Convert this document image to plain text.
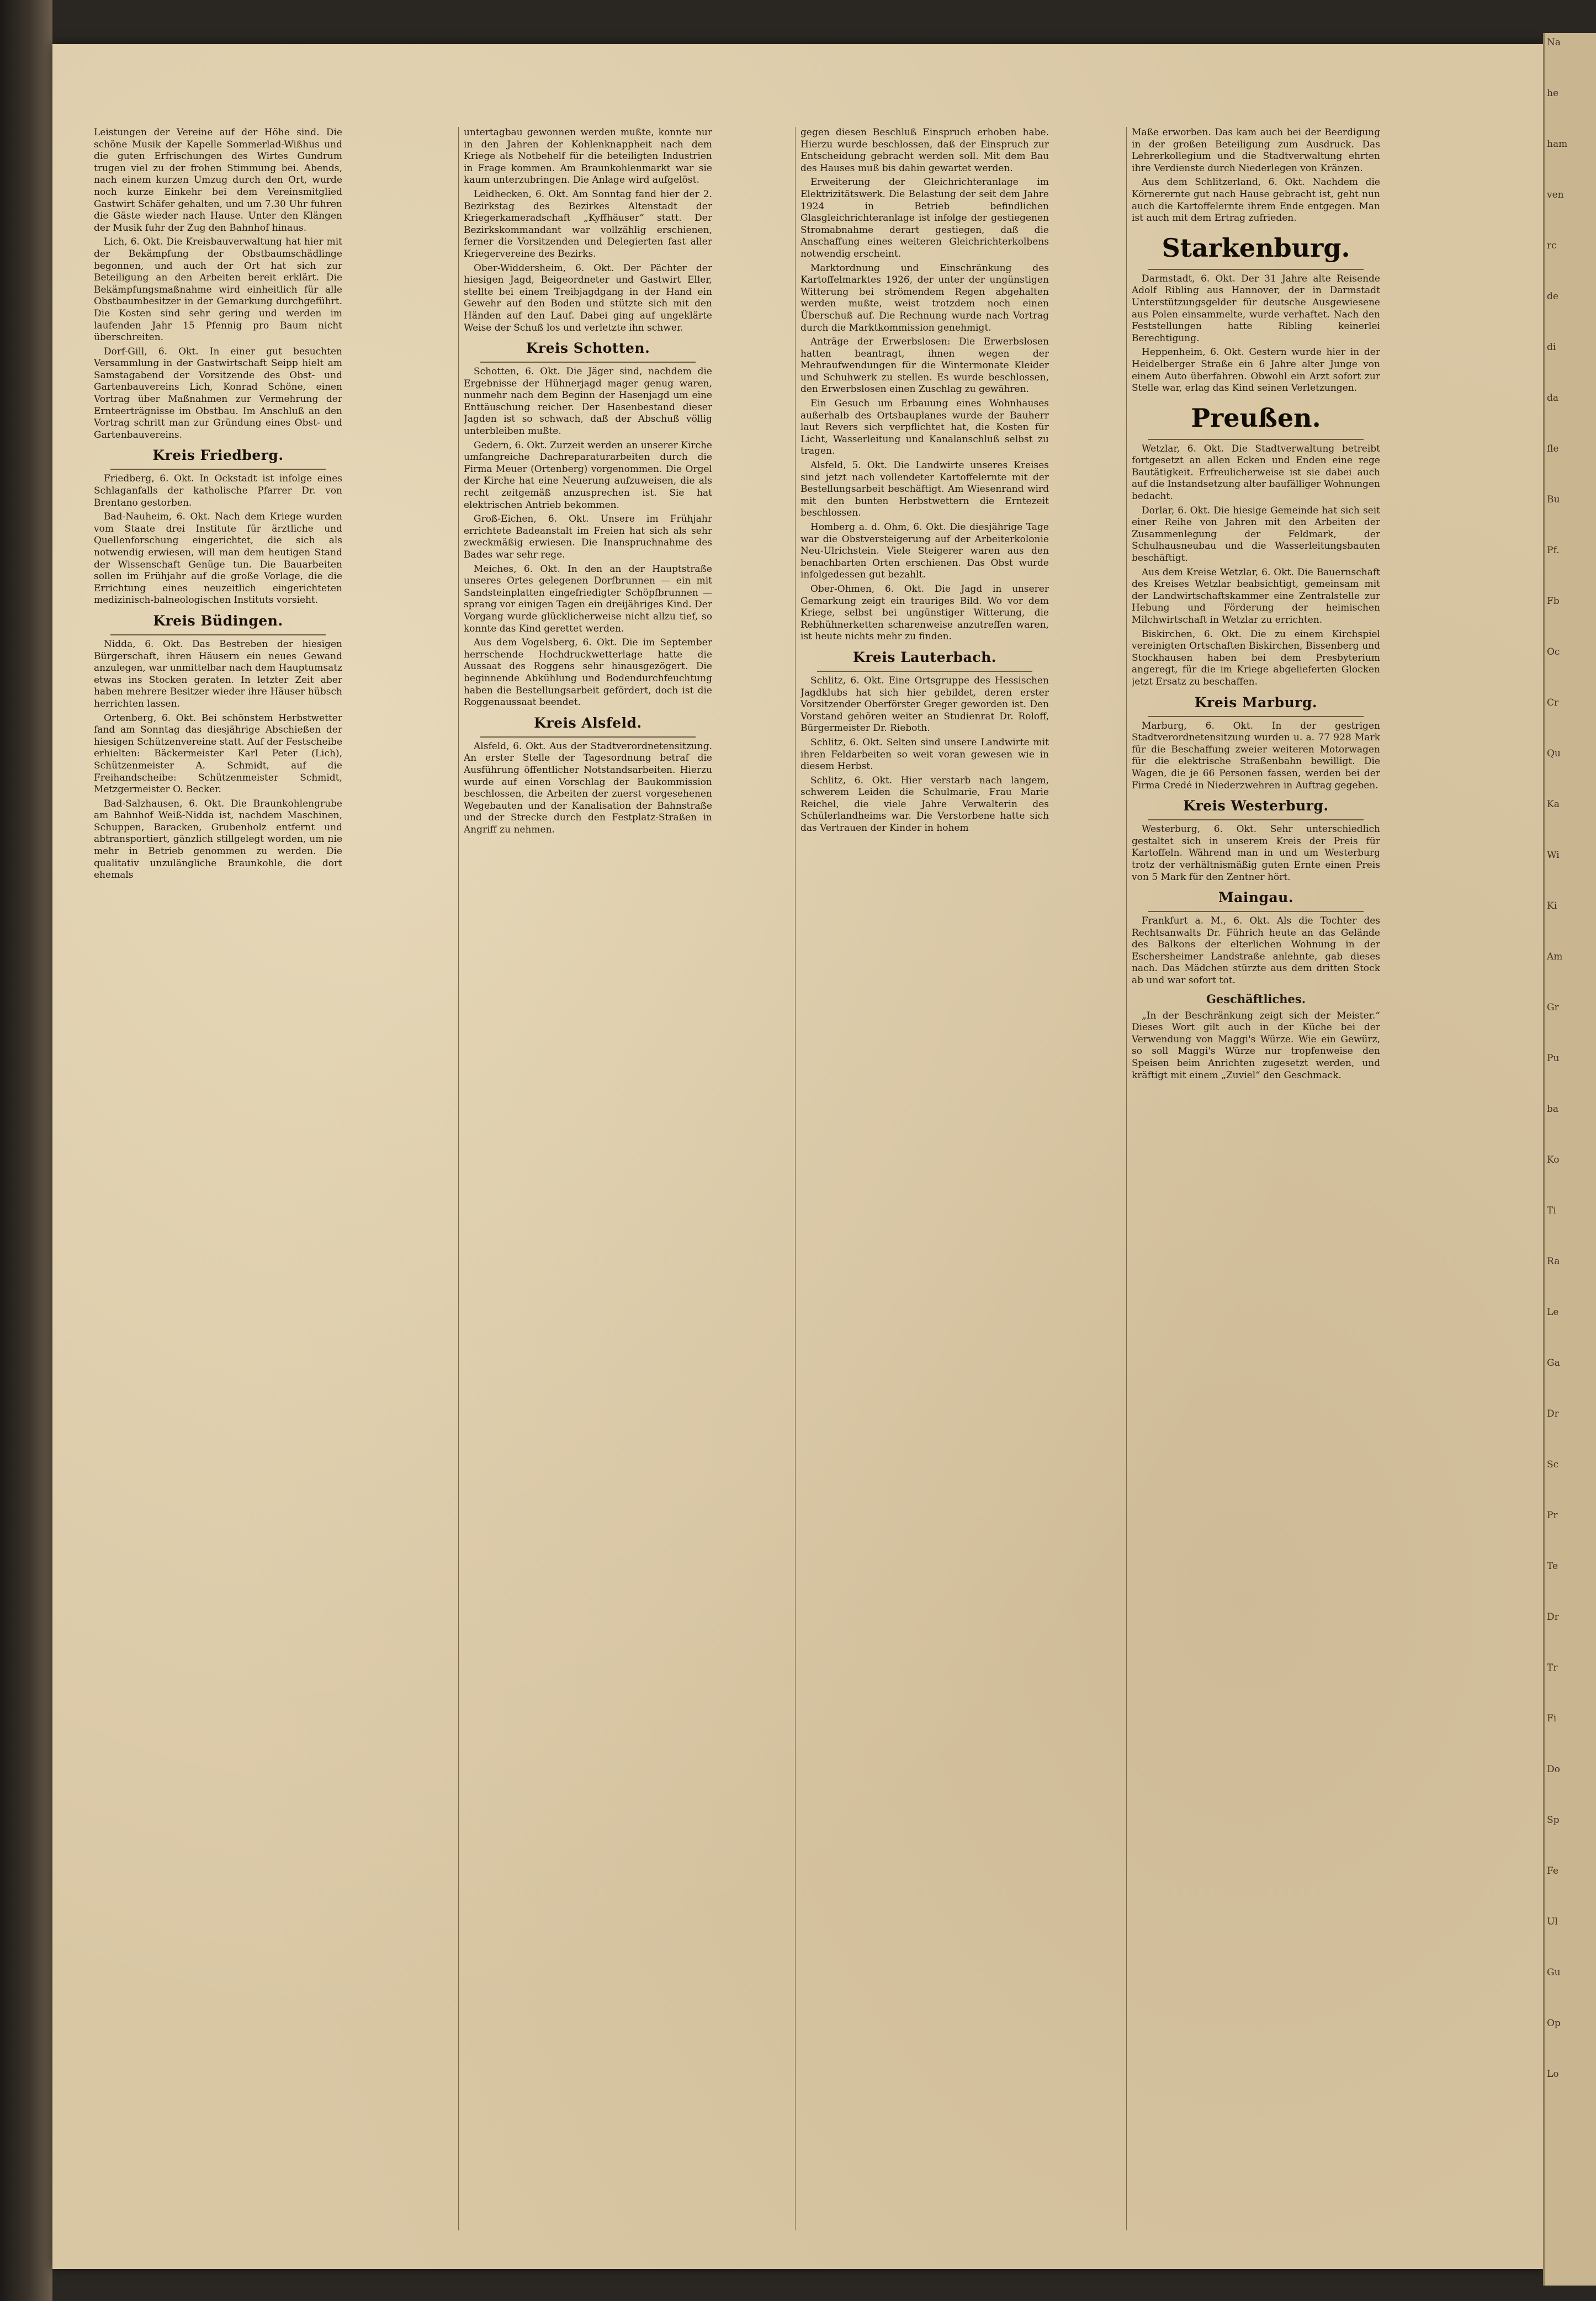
Leistungen der Vereine auf der Höhe sind. Die schöne Musik der Kapelle Sommerlad-Wißhus und die guten Erfrischungen des Wirtes Gundrum trugen viel zu der frohen Stimmung bei. Abends, nach einem kurzen Umzug durch den Ort, wurde noch kurze Einkehr bei dem Vereinsmitglied Gastwirt Schäfer gehalten, und um 7.30 Uhr fuhren die Gäste wieder nach Hause. Unter den Klängen der Musik fuhr der Zug den Bahnhof hinaus.

Lich, 6. Okt. Die Kreisbauverwaltung hat hier mit der Bekämpfung der Obstbaumschädlinge begonnen, und auch der Ort hat sich zur Beteiligung an den Arbeiten bereit erklärt. Die Bekämpfungsmaßnahme wird einheitlich für alle Obstbaumbesitzer in der Gemarkung durchgeführt. Die Kosten sind sehr gering und werden im laufenden Jahr 15 Pfennig pro Baum nicht überschreiten.

Dorf-Gill, 6. Okt. In einer gut besuchten Versammlung in der Gastwirtschaft Seipp hielt am Samstagabend der Vorsitzende des Obst- und Gartenbauvereins Lich, Konrad Schöne, einen Vortrag über Maßnahmen zur Vermehrung der Ernteerträgnisse im Obstbau. Im Anschluß an den Vortrag schritt man zur Gründung eines Obst- und Gartenbauvereins.

Kreis Friedberg.

Friedberg, 6. Okt. In Ockstadt ist infolge eines Schlaganfalls der katholische Pfarrer Dr. von Brentano gestorben.

Bad-Nauheim, 6. Okt. Nach dem Kriege wurden vom Staate drei Institute für ärztliche und Quellenforschung eingerichtet, die sich als notwendig erwiesen, will man dem heutigen Stand der Wissenschaft Genüge tun. Die Bauarbeiten sollen im Frühjahr auf die große Vorlage, die die Errichtung eines neuzeitlich eingerichteten medizinisch-balneologischen Instituts vorsieht.

Kreis Büdingen.

Nidda, 6. Okt. Das Bestreben der hiesigen Bürgerschaft, ihren Häusern ein neues Gewand anzulegen, war unmittelbar nach dem Hauptumsatz etwas ins Stocken geraten. In letzter Zeit aber haben mehrere Besitzer wieder ihre Häuser hübsch herrichten lassen.

Ortenberg, 6. Okt. Bei schönstem Herbstwetter fand am Sonntag das diesjährige Abschießen der hiesigen Schützenvereine statt. Auf der Festscheibe erhielten: Bäckermeister Karl Peter (Lich), Schützenmeister A. Schmidt, auf die Freihandscheibe: Schützenmeister Schmidt, Metzgermeister O. Becker.

Bad-Salzhausen, 6. Okt. Die Braunkohlengrube am Bahnhof Weiß-Nidda ist, nachdem Maschinen, Schuppen, Baracken, Grubenholz entfernt und abtransportiert, gänzlich stillgelegt worden, um nie mehr in Betrieb genommen zu werden. Die qualitativ unzulängliche Braunkohle, die dort ehemals

untertagbau gewonnen werden mußte, konnte nur in den Jahren der Kohlenknappheit nach dem Kriege als Notbehelf für die beteiligten Industrien in Frage kommen. Am Braunkohlenmarkt war sie kaum unterzubringen. Die Anlage wird aufgelöst.

Leidhecken, 6. Okt. Am Sonntag fand hier der 2. Bezirkstag des Bezirkes Altenstadt der Kriegerkameradschaft „Kyffhäuser“ statt. Der Bezirkskommandant war vollzählig erschienen, ferner die Vorsitzenden und Delegierten fast aller Kriegervereine des Bezirks.

Ober-Widdersheim, 6. Okt. Der Pächter der hiesigen Jagd, Beigeordneter und Gastwirt Eller, stellte bei einem Treibjagdgang in der Hand ein Gewehr auf den Boden und stützte sich mit den Händen auf den Lauf. Dabei ging auf ungeklärte Weise der Schuß los und verletzte ihn schwer.

Kreis Schotten.

Schotten, 6. Okt. Die Jäger sind, nachdem die Ergebnisse der Hühnerjagd mager genug waren, nunmehr nach dem Beginn der Hasenjagd um eine Enttäuschung reicher. Der Hasenbestand dieser Jagden ist so schwach, daß der Abschuß völlig unterbleiben mußte.

Gedern, 6. Okt. Zurzeit werden an unserer Kirche umfangreiche Dachreparaturarbeiten durch die Firma Meuer (Ortenberg) vorgenommen. Die Orgel der Kirche hat eine Neuerung aufzuweisen, die als recht zeitgemäß anzusprechen ist. Sie hat elektrischen Antrieb bekommen.

Groß-Eichen, 6. Okt. Unsere im Frühjahr errichtete Badeanstalt im Freien hat sich als sehr zweckmäßig erwiesen. Die Inanspruchnahme des Bades war sehr rege.

Meiches, 6. Okt. In den an der Hauptstraße unseres Ortes gelegenen Dorfbrunnen — ein mit Sandsteinplatten eingefriedigter Schöpfbrunnen — sprang vor einigen Tagen ein dreijähriges Kind. Der Vorgang wurde glücklicherweise nicht allzu tief, so konnte das Kind gerettet werden.

Aus dem Vogelsberg, 6. Okt. Die im September herrschende Hochdruckwetterlage hatte die Aussaat des Roggens sehr hinausgezögert. Die beginnende Abkühlung und Bodendurchfeuchtung haben die Bestellungsarbeit gefördert, doch ist die Roggenaussaat beendet.

Kreis Alsfeld.

Alsfeld, 6. Okt. Aus der Stadtverordnetensitzung. An erster Stelle der Tagesordnung betraf die Ausführung öffentlicher Notstandsarbeiten. Hierzu wurde auf einen Vorschlag der Baukommission beschlossen, die Arbeiten der zuerst vorgesehenen Wegebauten und der Kanalisation der Bahnstraße und der Strecke durch den Festplatz-Straßen in Angriff zu nehmen.

gegen diesen Beschluß Einspruch erhoben habe. Hierzu wurde beschlossen, daß der Einspruch zur Entscheidung gebracht werden soll. Mit dem Bau des Hauses muß bis dahin gewartet werden.

Erweiterung der Gleichrichteranlage im Elektrizitätswerk. Die Belastung der seit dem Jahre 1924 in Betrieb befindlichen Glasgleichrichteranlage ist infolge der gestiegenen Stromabnahme derart gestiegen, daß die Anschaffung eines weiteren Gleichrichterkolbens notwendig erscheint.

Marktordnung und Einschränkung des Kartoffelmarktes 1926, der unter der ungünstigen Witterung bei strömendem Regen abgehalten werden mußte, weist trotzdem noch einen Überschuß auf. Die Rechnung wurde nach Vortrag durch die Marktkommission genehmigt.

Anträge der Erwerbslosen: Die Erwerbslosen hatten beantragt, ihnen wegen der Mehraufwendungen für die Wintermonate Kleider und Schuhwerk zu stellen. Es wurde beschlossen, den Erwerbslosen einen Zuschlag zu gewähren.

Ein Gesuch um Erbauung eines Wohnhauses außerhalb des Ortsbauplanes wurde der Bauherr laut Revers sich verpflichtet hat, die Kosten für Licht, Wasserleitung und Kanalanschluß selbst zu tragen.

Alsfeld, 5. Okt. Die Landwirte unseres Kreises sind jetzt nach vollendeter Kartoffelernte mit der Bestellungsarbeit beschäftigt. Am Wiesenrand wird mit den bunten Herbstwettern die Erntezeit beschlossen.

Homberg a. d. Ohm, 6. Okt. Die diesjährige Tage war die Obstversteigerung auf der Arbeiterkolonie Neu-Ulrichstein. Viele Steigerer waren aus den benachbarten Orten erschienen. Das Obst wurde infolgedessen gut bezahlt.

Ober-Ohmen, 6. Okt. Die Jagd in unserer Gemarkung zeigt ein trauriges Bild. Wo vor dem Kriege, selbst bei ungünstiger Witterung, die Rebhühnerketten scharenweise anzutreffen waren, ist heute nichts mehr zu finden.

Kreis Lauterbach.

Schlitz, 6. Okt. Eine Ortsgruppe des Hessischen Jagdklubs hat sich hier gebildet, deren erster Vorsitzender Oberförster Greger geworden ist. Den Vorstand gehören weiter an Studienrat Dr. Roloff, Bürgermeister Dr. Rieboth.

Schlitz, 6. Okt. Selten sind unsere Landwirte mit ihren Feldarbeiten so weit voran gewesen wie in diesem Herbst.

Schlitz, 6. Okt. Hier verstarb nach langem, schwerem Leiden die Schulmarie, Frau Marie Reichel, die viele Jahre Verwalterin des Schülerlandheims war. Die Verstorbene hatte sich das Vertrauen der Kinder in hohem

Maße erworben. Das kam auch bei der Beerdigung in der großen Beteiligung zum Ausdruck. Das Lehrerkollegium und die Stadtverwaltung ehrten ihre Verdienste durch Niederlegen von Kränzen.

Aus dem Schlitzerland, 6. Okt. Nachdem die Körnerernte gut nach Hause gebracht ist, geht nun auch die Kartoffelernte ihrem Ende entgegen. Man ist auch mit dem Ertrag zufrieden.

Starkenburg.

Darmstadt, 6. Okt. Der 31 Jahre alte Reisende Adolf Ribling aus Hannover, der in Darmstadt Unterstützungsgelder für deutsche Ausgewiesene aus Polen einsammelte, wurde verhaftet. Nach den Feststellungen hatte Ribling keinerlei Berechtigung.

Heppenheim, 6. Okt. Gestern wurde hier in der Heidelberger Straße ein 6 Jahre alter Junge von einem Auto überfahren. Obwohl ein Arzt sofort zur Stelle war, erlag das Kind seinen Verletzungen.

Preußen.

Wetzlar, 6. Okt. Die Stadtverwaltung betreibt fortgesetzt an allen Ecken und Enden eine rege Bautätigkeit. Erfreulicherweise ist sie dabei auch auf die Instandsetzung alter baufälliger Wohnungen bedacht.

Dorlar, 6. Okt. Die hiesige Gemeinde hat sich seit einer Reihe von Jahren mit den Arbeiten der Zusammenlegung der Feldmark, der Schulhausneubau und die Wasserleitungsbauten beschäftigt.

Aus dem Kreise Wetzlar, 6. Okt. Die Bauernschaft des Kreises Wetzlar beabsichtigt, gemeinsam mit der Landwirtschaftskammer eine Zentralstelle zur Hebung und Förderung der heimischen Milchwirtschaft in Wetzlar zu errichten.

Biskirchen, 6. Okt. Die zu einem Kirchspiel vereinigten Ortschaften Biskirchen, Bissenberg und Stockhausen haben bei dem Presbyterium angeregt, für die im Kriege abgelieferten Glocken jetzt Ersatz zu beschaffen.

Kreis Marburg.

Marburg, 6. Okt. In der gestrigen Stadtverordnetensitzung wurden u. a. 77 928 Mark für die Beschaffung zweier weiteren Motorwagen für die elektrische Straßenbahn bewilligt. Die Wagen, die je 66 Personen fassen, werden bei der Firma Credé in Niederzwehren in Auftrag gegeben.

Kreis Westerburg.

Westerburg, 6. Okt. Sehr unterschiedlich gestaltet sich in unserem Kreis der Preis für Kartoffeln. Während man in und um Westerburg trotz der verhältnismäßig guten Ernte einen Preis von 5 Mark für den Zentner hört.

Maingau.

Frankfurt a. M., 6. Okt. Als die Tochter des Rechtsanwalts Dr. Führich heute an das Gelände des Balkons der elterlichen Wohnung in der Eschersheimer Landstraße anlehnte, gab dieses nach. Das Mädchen stürzte aus dem dritten Stock ab und war sofort tot.

Geschäftliches.

„In der Beschränkung zeigt sich der Meister.“ Dieses Wort gilt auch in der Küche bei der Verwendung von Maggi's Würze. Wie ein Gewürz, so soll Maggi's Würze nur tropfenweise den Speisen beim Anrichten zugesetzt werden, und kräftigt mit einem „Zuviel“ den Geschmack.

Na
he
ham
ven
rc
de
di
da
fle
Bu
Pf.
Fb
Oc
Cr
Qu
Ka
Wi
Ki
Am
Gr
Pu
ba
Ko
Ti
Ra
Le
Ga
Dr
Sc
Pr
Te
Dr
Tr
Fi
Do
Sp
Fe
Ul
Gu
Op
Lo
